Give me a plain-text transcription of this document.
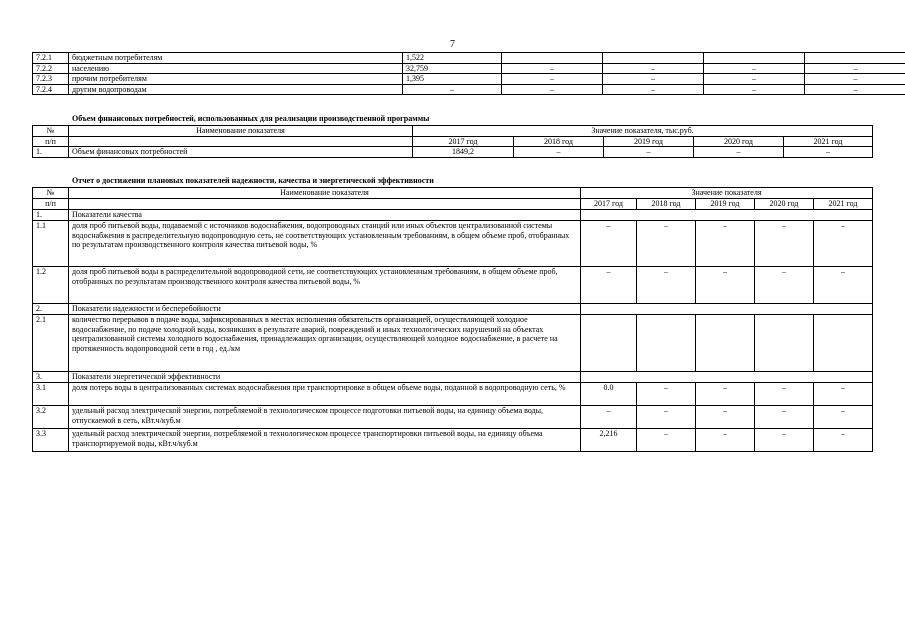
7
7.2.1	бюджетным потребителям	1,522				
7.2.2	населению	32,759	–	–	–	–
7.2.3	прочим потребителям	1,395	–	–	–	–
7.2.4	другим водопроводам	–	–	–	–	–
Объем финансовых потребностей, использованных для реализации производственной программы
№	Наименование показателя	Значение показателя, тыс.руб.				
п/п		2017 год	2018 год	2019 год	2020 год	2021 год
1.	Объем финансовых потребностей	1849,2	–	–	–	–
Отчет о достижении плановых показателей надежности, качества и энергетической эффективности
№	Наименование показателя	Значение показателя				
п/п		2017 год	2018 год	2019 год	2020 год	2021 год
1.	Показатели качества					
1.1	доля проб питьевой воды, подаваемой с источников водоснабжения, водопроводных станций или иных объектов централизованной системы водоснабжения в распределительную водопроводную сеть, не соответствующих установленным требованиям, в общем объеме проб, отобранных по результатам производственного контроля качества питьевой воды, %	–	–	–	–	–
1.2	доля проб питьевой воды в распределительной водопроводной сети, не соответствующих установленным требованиям, в общем объеме проб, отобранных по результатам производственного контроля качества питьевой воды, %	–	–	–	–	–
2.	Показатели надежности и бесперебойности					
2.1	количество перерывов в подаче воды, зафиксированных в местах исполнения обязательств организацией, осуществляющей холодное водоснабжение, по подаче холодной воды, возникших в результате аварий, повреждений и иных технологических нарушений на объектах централизованной системы холодного водоснабжения, принадлежащих организации, осуществляющей холодное водоснабжение, в расчете на протяженность водопроводной сети в год , ед./км					
3.	Показатели энергетической эффективности					
3.1	доля потерь воды в централизованных системах водоснабжения при транспортировке в общем объеме воды, поданной в водопроводную сеть, %	0.0	–	–	–	–
3.2	удельный расход электрической энергии, потребляемой в технологическом процессе подготовки питьевой воды, на единицу объема воды, отпускаемой в сеть, кВт.ч/куб.м	–	–	–	–	–
3.3	удельный расход электрической энергии, потребляемой в технологическом процессе транспортировки питьевой воды, на единицу объема транспортируемой воды, кВт.ч/куб.м	2,216	–	–	–	–
